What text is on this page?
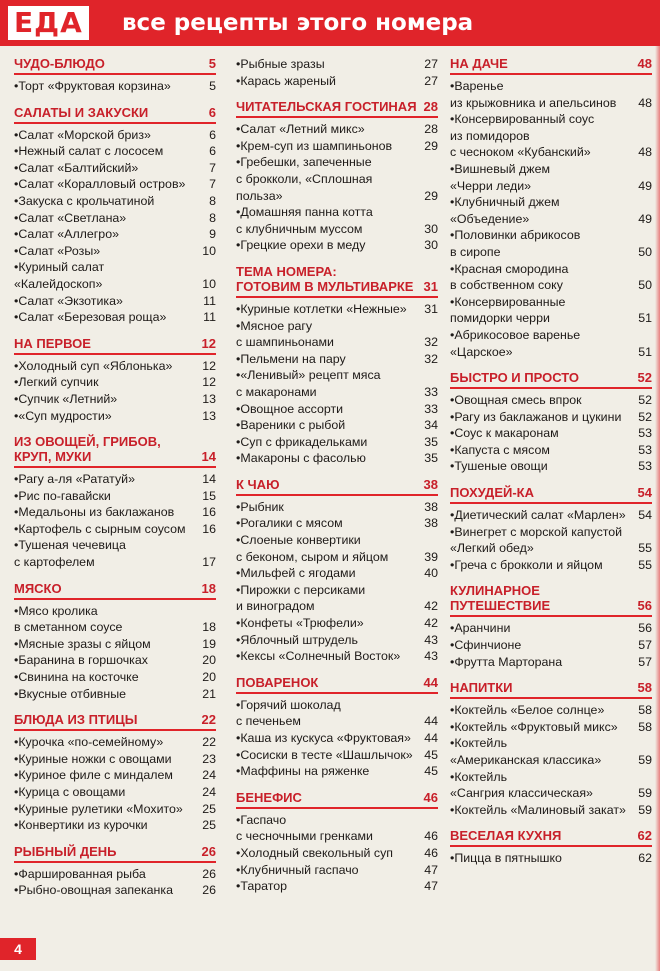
ЕДА все рецепты этого номера
ЧУДО-БЛЮДО	5
•Торт «Фруктовая корзина»	5
САЛАТЫ И ЗАКУСКИ	6
•Салат «Морской бриз»	6
•Нежный салат с лососем	6
•Салат «Балтийский»	7
•Салат «Коралловый остров»	7
•Закуска с крольчатиной	8
•Салат «Светлана»	8
•Салат «Аллегро»	9
•Салат «Розы»	10
•Куриный салат
«Калейдоскоп»	10
•Салат «Экзотика»	11
•Салат «Березовая роща»	11
НА ПЕРВОЕ	12
•Холодный суп «Яблонька»	12
•Легкий супчик	12
•Супчик «Летний»	13
•«Суп мудрости»	13
ИЗ ОВОЩЕЙ, ГРИБОВ,
КРУП, МУКИ	14
•Рагу а-ля «Рататуй»	14
•Рис по-гавайски	15
•Медальоны из баклажанов	16
•Картофель с сырным соусом	16
•Тушеная чечевица
с картофелем	17
МЯСКО	18
•Мясо кролика
в сметанном соусе	18
•Мясные зразы с яйцом	19
•Баранина в горшочках	20
•Свинина на косточке	20
•Вкусные отбивные	21
БЛЮДА ИЗ ПТИЦЫ	22
•Курочка «по-семейному»	22
•Куриные ножки с овощами	23
•Куриное филе с миндалем	24
•Курица с овощами	24
•Куриные рулетики «Мохито»	25
•Конвертики из курочки	25
РЫБНЫЙ ДЕНЬ	26
•Фаршированная рыба	26
•Рыбно-овощная запеканка	26
•Рыбные зразы	27
•Карась жареный	27
ЧИТАТЕЛЬСКАЯ ГОСТИНАЯ 28
•Салат «Летний микс»	28
•Крем-суп из шампиньонов	29
•Гребешки, запеченные
с брокколи, «Сплошная
польза»	29
•Домашняя панна котта
с клубничным муссом	30
•Грецкие орехи в меду	30
ТЕМА НОМЕРА:
ГОТОВИМ В МУЛЬТИВАРКЕ 31
•Куриные котлетки «Нежные»	31
•Мясное рагу
с шампиньонами	32
•Пельмени на пару	32
•«Ленивый» рецепт мяса
с макаронами	33
•Овощное ассорти	33
•Вареники с рыбой	34
•Суп с фрикадельками	35
•Макароны с фасолью	35
К ЧАЮ	38
•Рыбник	38
•Рогалики с мясом	38
•Слоеные конвертики
с беконом, сыром и яйцом	39
•Мильфей с ягодами	40
•Пирожки с персиками
и виноградом	42
•Конфеты «Трюфели»	42
•Яблочный штрудель	43
•Кексы «Солнечный Восток»	43
ПОВАРЕНОК	44
•Горячий шоколад
с печеньем	44
•Каша из кускуса «Фруктовая»	44
•Сосиски в тесте «Шашлычок» 45
•Маффины на ряженке	45
БЕНЕФИС	46
•Гаспачо
с чесночными гренками	46
•Холодный свекольный суп	46
•Клубничный гаспачо	47
•Таратор	47
НА ДАЧЕ	48
•Варенье
из крыжовника и апельсинов	48
•Консервированный соус
из помидоров
с чесноком «Кубанский»	48
•Вишневый джем
«Черри леди»	49
•Клубничный джем
«Объедение»	49
•Половинки абрикосов
в сиропе	50
•Красная смородина
в собственном соку	50
•Консервированные
помидорки черри	51
•Абрикосовое варенье
«Царское»	51
БЫСТРО И ПРОСТО	52
•Овощная смесь впрок	52
•Рагу из баклажанов и цукини	52
•Соус к макаронам	53
•Капуста с мясом	53
•Тушеные овощи	53
ПОХУДЕЙ-КА	54
•Диетический салат «Марлен»	54
•Винегрет с морской капустой
«Легкий обед»	55
•Греча с брокколи и яйцом	55
КУЛИНАРНОЕ
ПУТЕШЕСТВИЕ	56
•Аранчини	56
•Сфинчионе	57
•Фрутта Марторана	57
НАПИТКИ	58
•Коктейль «Белое солнце»	58
•Коктейль «Фруктовый микс»	58
•Коктейль
«Американская классика»	59
•Коктейль
«Сангрия классическая»	59
•Коктейль «Малиновый закат» 59
ВЕСЕЛАЯ КУХНЯ	62
•Пицца в пятнышко	62
4
